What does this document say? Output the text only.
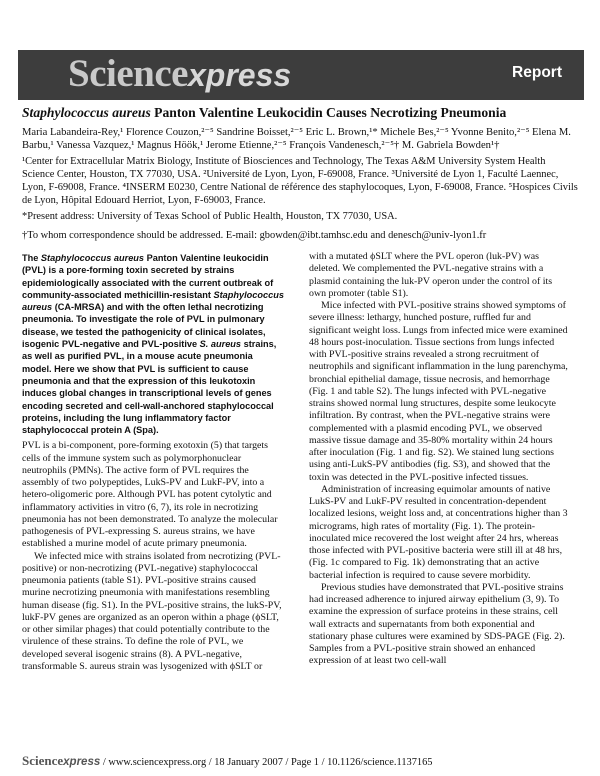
Sciencexpress	Report
Staphylococcus aureus Panton Valentine Leukocidin Causes Necrotizing Pneumonia
Maria Labandeira-Rey,¹ Florence Couzon,²⁻⁵ Sandrine Boisset,²⁻⁵ Eric L. Brown,¹* Michele Bes,²⁻⁵ Yvonne Benito,²⁻⁵ Elena M. Barbu,¹ Vanessa Vazquez,¹ Magnus Höök,¹ Jerome Etienne,²⁻⁵ François Vandenesch,²⁻⁵† M. Gabriela Bowden¹†
¹Center for Extracellular Matrix Biology, Institute of Biosciences and Technology, The Texas A&M University System Health Science Center, Houston, TX 77030, USA. ²Université de Lyon, Lyon, F-69008, France. ³Université de Lyon 1, Faculté Laennec, Lyon, F-69008, France. ⁴INSERM E0230, Centre National de référence des staphylocoques, Lyon, F-69008, France. ⁵Hospices Civils de Lyon, Hôpital Edouard Herriot, Lyon, F-69003, France.
*Present address: University of Texas School of Public Health, Houston, TX 77030, USA.
†To whom correspondence should be addressed. E-mail: gbowden@ibt.tamhsc.edu and denesch@univ-lyon1.fr

The Staphylococcus aureus Panton Valentine leukocidin (PVL) is a pore-forming toxin secreted by strains epidemiologically associated with the current outbreak of community-associated methicillin-resistant Staphylococcus aureus (CA-MRSA) and with the often lethal necrotizing pneumonia. To investigate the role of PVL in pulmonary disease, we tested the pathogenicity of clinical isolates, isogenic PVL-negative and PVL-positive S. aureus strains, as well as purified PVL, in a mouse acute pneumonia model. Here we show that PVL is sufficient to cause pneumonia and that the expression of this leukotoxin induces global changes in transcriptional levels of genes encoding secreted and cell-wall-anchored staphylococcal proteins, including the lung inflammatory factor staphylococcal protein A (Spa).

PVL is a bi-component, pore-forming exotoxin (5) that targets cells of the immune system such as polymorphonuclear neutrophils (PMNs). The active form of PVL requires the assembly of two polypeptides, LukS-PV and LukF-PV, into a hetero-oligomeric pore. Although PVL has potent cytolytic and inflammatory activities in vitro (6, 7), its role in necrotizing pneumonia has not been demonstrated. To analyze the molecular pathogenesis of PVL-expressing S. aureus strains, we have established a murine model of acute primary pneumonia.

We infected mice with strains isolated from necrotizing (PVL-positive) or non-necrotizing (PVL-negative) staphylococcal pneumonia patients (table S1). PVL-positive strains caused murine necrotizing pneumonia with manifestations resembling human disease (fig. S1). In the PVL-positive strains, the lukS-PV, lukF-PV genes are organized as an operon within a phage (ϕSLT, or other similar phages) that could potentially contribute to the virulence of these strains. To define the role of PVL, we developed several isogenic strains (8). A PVL-negative, transformable S. aureus strain was lysogenized with ϕSLT or

with a mutated ϕSLT where the PVL operon (luk-PV) was deleted. We complemented the PVL-negative strains with a plasmid containing the luk-PV operon under the control of its own promoter (table S1).

Mice infected with PVL-positive strains showed symptoms of severe illness: lethargy, hunched posture, ruffled fur and significant weight loss. Lungs from infected mice were examined 48 hours post-inoculation. Tissue sections from lungs infected with PVL-positive strains revealed a strong recruitment of neutrophils and significant inflammation in the lung parenchyma, bronchial epithelial damage, tissue necrosis, and hemorrhage (Fig. 1 and table S2). The lungs infected with PVL-negative strains showed normal lung structures, despite some leukocyte infiltration. By contrast, when the PVL-negative strains were complemented with a plasmid encoding PVL, we observed massive tissue damage and 35-80% mortality within 24 hours after inoculation (Fig. 1 and fig. S2). We stained lung sections using anti-LukS-PV antibodies (fig. S3), and showed that the toxin was detected in the PVL-positive infected tissues.

Administration of increasing equimolar amounts of native LukS-PV and LukF-PV resulted in concentration-dependent localized lesions, weight loss and, at concentrations higher than 3 micrograms, high rates of mortality (Fig. 1). The protein-inoculated mice recovered the lost weight after 24 hrs, whereas those infected with PVL-positive bacteria were still ill at 48 hrs, (Fig. 1c compared to Fig. 1k) demonstrating that an active bacterial infection is required to cause severe morbidity.

Previous studies have demonstrated that PVL-positive strains had increased adherence to injured airway epithelium (3, 9). To examine the expression of surface proteins in these strains, cell wall extracts and supernatants from both exponential and stationary phase cultures were examined by SDS-PAGE (Fig. 2). Samples from a PVL-positive strain showed an enhanced expression of at least two cell-wall

Sciencexpress / www.sciencexpress.org / 18 January 2007 / Page 1 / 10.1126/science.1137165
